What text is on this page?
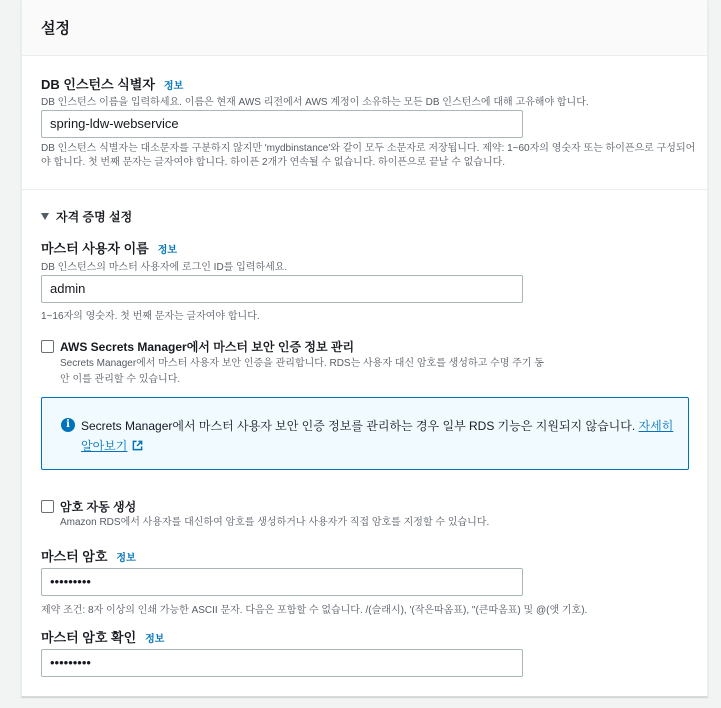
설정
DB 인스턴스 식별자 정보
DB 인스턴스 이름을 입력하세요. 이름은 현재 AWS 리전에서 AWS 계정이 소유하는 모든 DB 인스턴스에 대해 고유해야 합니다.
spring-ldw-webservice
DB 인스턴스 식별자는 대소문자를 구분하지 않지만 'mydbinstance'와 같이 모두 소문자로 저장됩니다. 제약: 1~60자의 영숫자 또는 하이픈으로 구성되어야 합니다. 첫 번째 문자는 글자여야 합니다. 하이픈 2개가 연속될 수 없습니다. 하이픈으로 끝날 수 없습니다.
자격 증명 설정
마스터 사용자 이름 정보
DB 인스턴스의 마스터 사용자에 로그인 ID를 입력하세요.
admin
1~16자의 영숫자. 첫 번째 문자는 글자여야 합니다.
AWS Secrets Manager에서 마스터 보안 인증 정보 관리
Secrets Manager에서 마스터 사용자 보안 인증을 관리합니다. RDS는 사용자 대신 암호를 생성하고 수명 주기 동안 이를 관리할 수 있습니다.
i Secrets Manager에서 마스터 사용자 보안 인증 정보를 관리하는 경우 일부 RDS 기능은 지원되지 않습니다. 자세히 알아보기
암호 자동 생성
Amazon RDS에서 사용자를 대신하여 암호를 생성하거나 사용자가 직접 암호를 지정할 수 있습니다.
마스터 암호 정보
•••••••••
제약 조건: 8자 이상의 인쇄 가능한 ASCII 문자. 다음은 포함할 수 없습니다. /(슬래시), '(작은따옴표), "(큰따옴표) 및 @(앳 기호).
마스터 암호 확인 정보
•••••••••
